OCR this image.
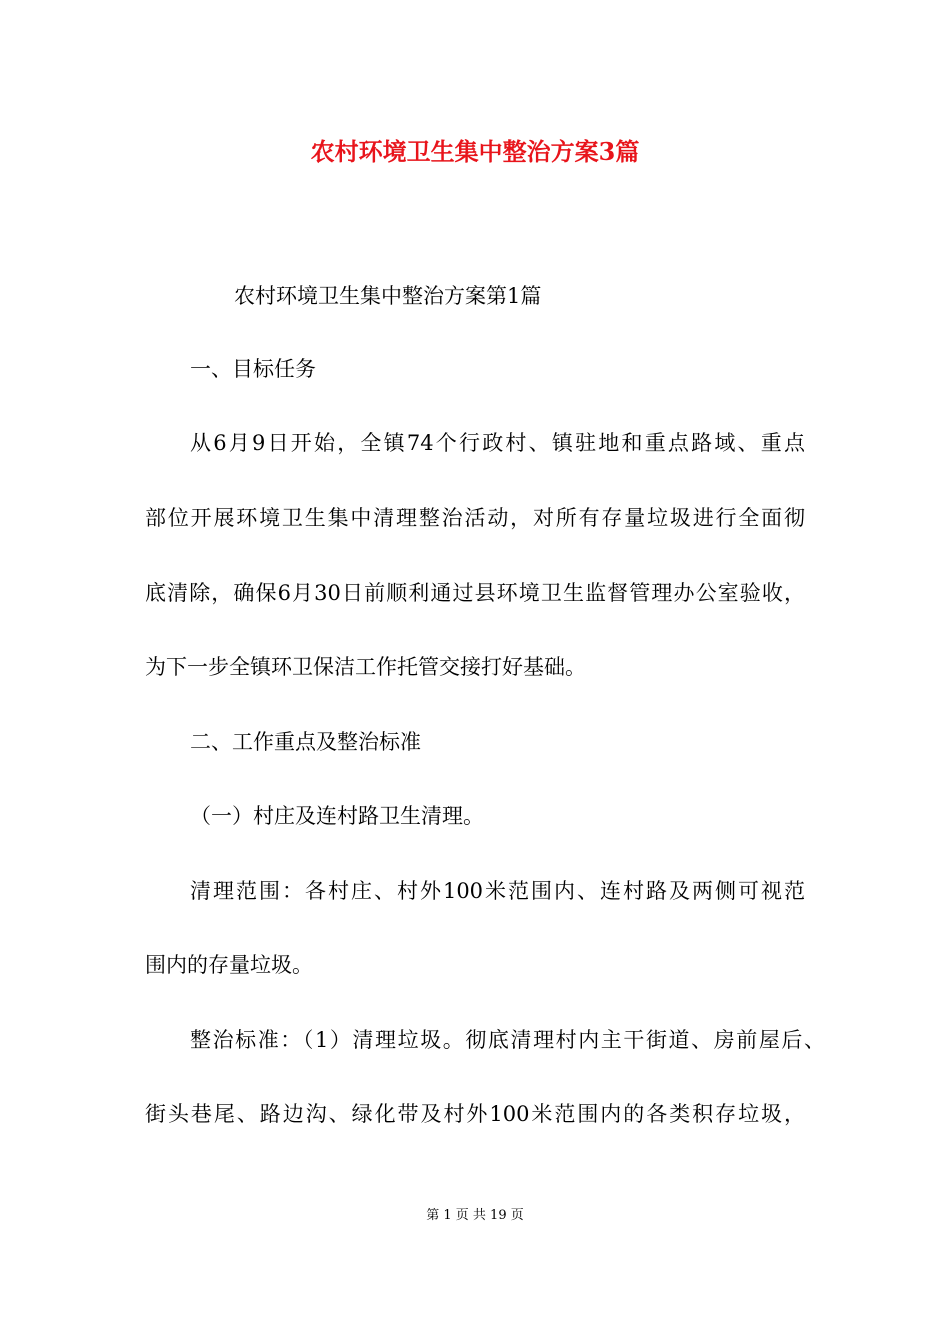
农村环境卫生集中整治方案3篇
农村环境卫生集中整治方案第1篇
一、目标任务
从6月9日开始，全镇74个行政村、镇驻地和重点路域、重点
部位开展环境卫生集中清理整治活动，对所有存量垃圾进行全面彻
底清除，确保6月30日前顺利通过县环境卫生监督管理办公室验收，
为下一步全镇环卫保洁工作托管交接打好基础。
二、工作重点及整治标准
（一）村庄及连村路卫生清理。
清理范围：各村庄、村外100米范围内、连村路及两侧可视范
围内的存量垃圾。
整治标准：（1）清理垃圾。彻底清理村内主干街道、房前屋后、
街头巷尾、路边沟、绿化带及村外100米范围内的各类积存垃圾，
第 1 页 共 19 页
